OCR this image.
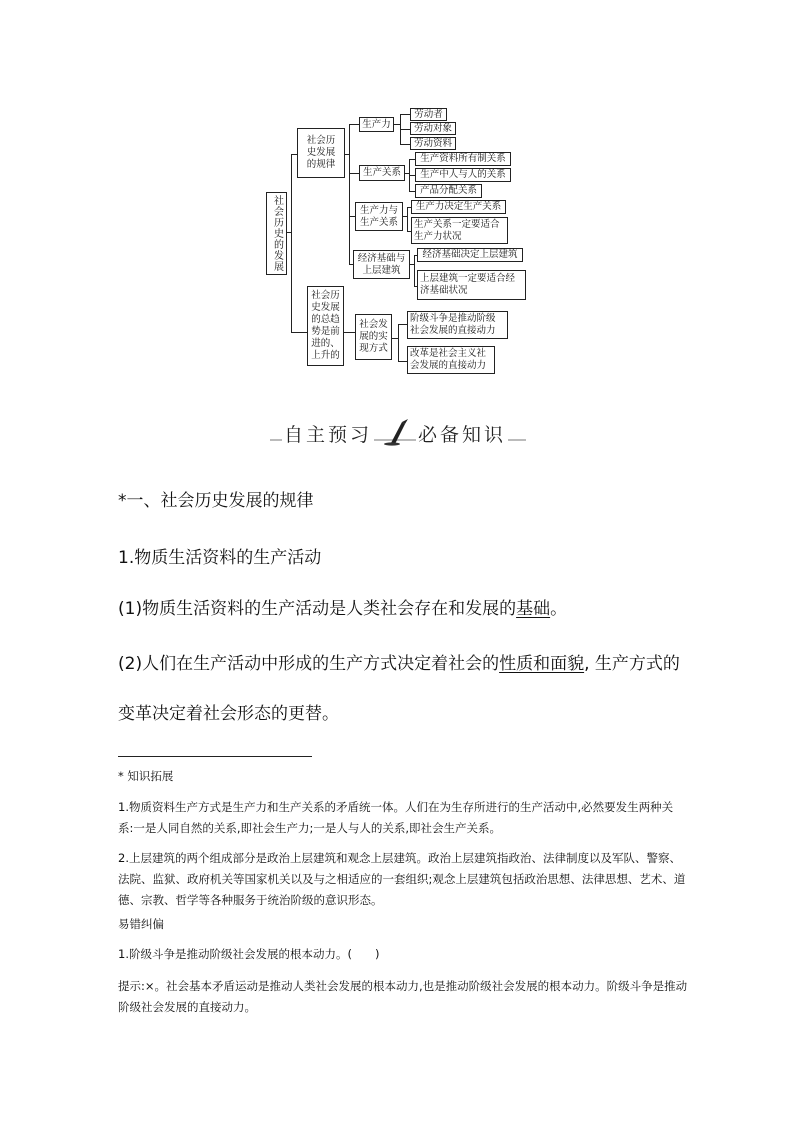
社会历史的发展
社会历
史发展
的规律
社会历
史发展
的总趋
势是前
进的、
上升的
生产力
劳动者
劳动对象
劳动资料
生产关系
生产资料所有制关系
生产中人与人的关系
产品分配关系
生产力与
生产关系
生产力决定生产关系
生产关系一定要适合
生产力状况
经济基础与
上层建筑
经济基础决定上层建筑
上层建筑一定要适合经
济基础状况
社会发
展的实
现方式
阶级斗争是推动阶级
社会发展的直接动力
改革是社会主义社
会发展的直接动力
自主预习 必备知识
*一、社会历史发展的规律
1.物质生活资料的生产活动
(1)物质生活资料的生产活动是人类社会存在和发展的基础。
(2)人们在生产活动中形成的生产方式决定着社会的性质和面貌, 生产方式的变革决定着社会形态的更替。
* 知识拓展
1.物质资料生产方式是生产力和生产关系的矛盾统一体。人们在为生存所进行的生产活动中,必然要发生两种关系:一是人同自然的关系,即社会生产力;一是人与人的关系,即社会生产关系。
2.上层建筑的两个组成部分是政治上层建筑和观念上层建筑。政治上层建筑指政治、法律制度以及军队、警察、法院、监狱、政府机关等国家机关以及与之相适应的一套组织;观念上层建筑包括政治思想、法律思想、艺术、道德、宗教、哲学等各种服务于统治阶级的意识形态。
易错纠偏
1.阶级斗争是推动阶级社会发展的根本动力。(　　)
提示:×。社会基本矛盾运动是推动人类社会发展的根本动力,也是推动阶级社会发展的根本动力。阶级斗争是推动阶级社会发展的直接动力。
